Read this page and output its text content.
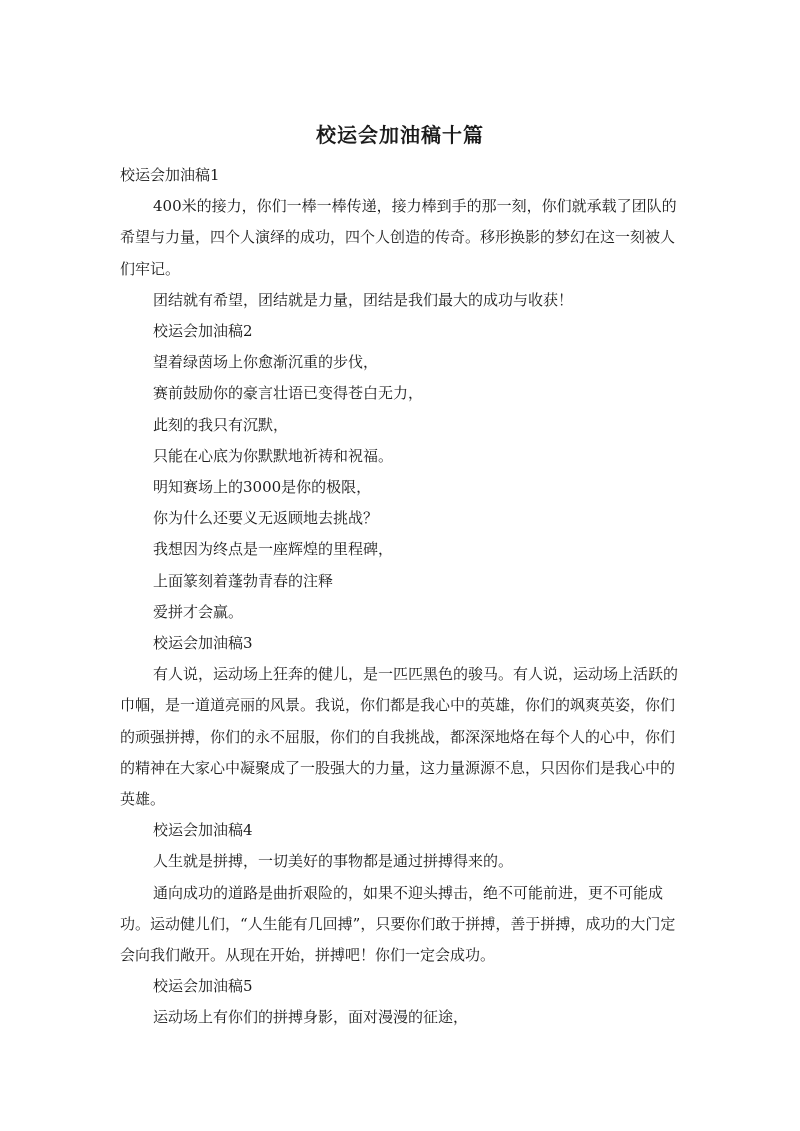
校运会加油稿十篇

校运会加油稿1

400米的接力，你们一棒一棒传递，接力棒到手的那一刻，你们就承载了团队的希望与力量，四个人演绎的成功，四个人创造的传奇。移形换影的梦幻在这一刻被人们牢记。

团结就有希望，团结就是力量，团结是我们最大的成功与收获！

校运会加油稿2

望着绿茵场上你愈渐沉重的步伐，

赛前鼓励你的豪言壮语已变得苍白无力，

此刻的我只有沉默，

只能在心底为你默默地祈祷和祝福。

明知赛场上的3000是你的极限，

你为什么还要义无返顾地去挑战？

我想因为终点是一座辉煌的里程碑，

上面篆刻着蓬勃青春的注释

爱拼才会赢。

校运会加油稿3

有人说，运动场上狂奔的健儿，是一匹匹黑色的骏马。有人说，运动场上活跃的巾帼，是一道道亮丽的风景。我说，你们都是我心中的英雄，你们的飒爽英姿，你们的顽强拼搏，你们的永不屈服，你们的自我挑战，都深深地烙在每个人的心中，你们的精神在大家心中凝聚成了一股强大的力量，这力量源源不息，只因你们是我心中的英雄。

校运会加油稿4

人生就是拼搏，一切美好的事物都是通过拼搏得来的。

通向成功的道路是曲折艰险的，如果不迎头搏击，绝不可能前进，更不可能成功。运动健儿们，“人生能有几回搏”，只要你们敢于拼搏，善于拼搏，成功的大门定会向我们敞开。从现在开始，拼搏吧！你们一定会成功。

校运会加油稿5

运动场上有你们的拼搏身影，面对漫漫的征途，
